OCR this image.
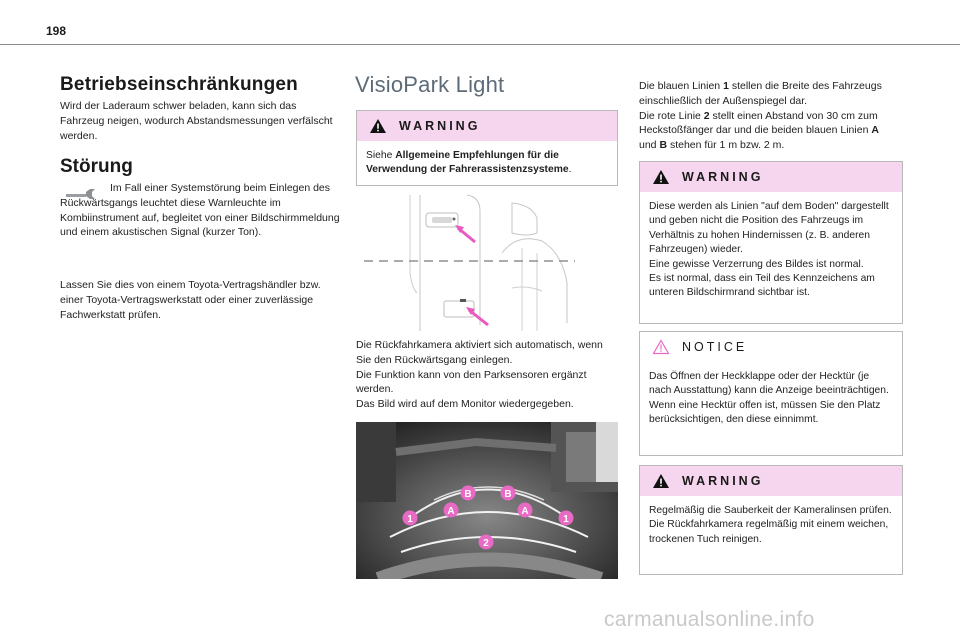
198
Betriebseinschränkungen

Wird der Laderaum schwer beladen, kann sich das Fahrzeug neigen, wodurch Abstandsmessungen verfälscht werden.

Störung
Im Fall einer Systemstörung beim Einlegen des Rückwärtsgangs leuchtet diese Warnleuchte im Kombiinstrument auf, begleitet von einer Bildschirmmeldung und einem akustischen Signal (kurzer Ton).

Lassen Sie dies von einem Toyota-Vertragshändler bzw. einer Toyota-Vertragswerkstatt oder einer zuverlässige Fachwerkstatt prüfen.

VisioPark Light
WARNING
Siehe Allgemeine Empfehlungen für die Verwendung der Fahrerassistenzsysteme.
Die Rückfahrkamera aktiviert sich automatisch, wenn Sie den Rückwärtsgang einlegen.
Die Funktion kann von den Parksensoren ergänzt werden.
Das Bild wird auf dem Monitor wiedergegeben.
B	B
A	A
1	1
2
Die blauen Linien 1 stellen die Breite des Fahrzeugs einschließlich der Außenspiegel dar.
Die rote Linie 2 stellt einen Abstand von 30 cm zum Heckstoßfänger dar und die beiden blauen Linien A
und B stehen für 1 m bzw. 2 m.
WARNING
Diese werden als Linien "auf dem Boden" dargestellt und geben nicht die Position des Fahrzeugs im Verhältnis zu hohen Hindernissen (z. B. anderen Fahrzeugen) wieder.
Eine gewisse Verzerrung des Bildes ist normal.
Es ist normal, dass ein Teil des Kennzeichens am unteren Bildschirmrand sichtbar ist.
NOTICE
Das Öffnen der Heckklappe oder der Hecktür (je nach Ausstattung) kann die Anzeige beeinträchtigen.
Wenn eine Hecktür offen ist, müssen Sie den Platz berücksichtigen, den diese einnimmt.
WARNING
Regelmäßig die Sauberkeit der Kameralinsen prüfen.
Die Rückfahrkamera regelmäßig mit einem weichen, trockenen Tuch reinigen.
carmanualsonline.info
